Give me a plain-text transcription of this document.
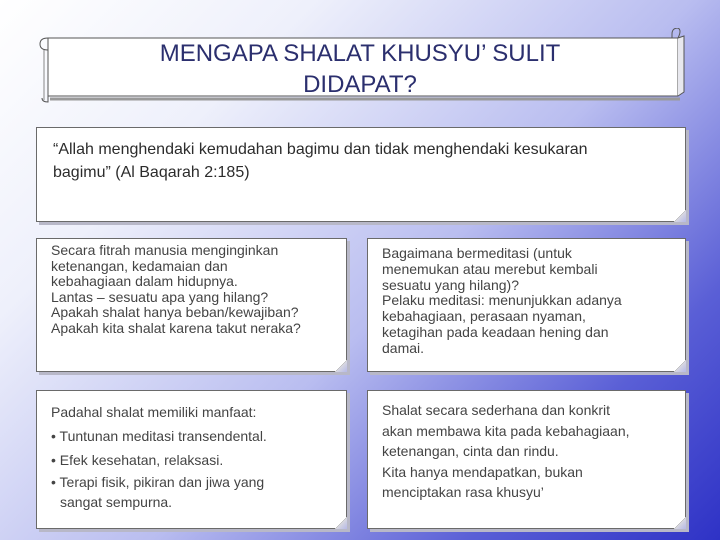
MENGAPA SHALAT KHUSYU’ SULIT
DIDAPAT?
“Allah menghendaki kemudahan bagimu dan tidak menghendaki kesukaran
bagimu” (Al Baqarah 2:185)
Secara fitrah manusia menginginkan
ketenangan, kedamaian dan
kebahagiaan dalam hidupnya.
Lantas – sesuatu apa yang hilang?
Apakah shalat hanya beban/kewajiban?
Apakah kita shalat karena takut neraka?
Bagaimana bermeditasi (untuk
menemukan atau merebut kembali
sesuatu yang hilang)?
Pelaku meditasi: menunjukkan adanya
kebahagiaan, perasaan nyaman,
ketagihan pada keadaan hening dan
damai.
Padahal shalat memiliki manfaat:
• Tuntunan meditasi transendental.
• Efek kesehatan, relaksasi.
• Terapi fisik, pikiran dan jiwa yang
sangat sempurna.
Shalat secara sederhana dan konkrit
akan membawa kita pada kebahagiaan,
ketenangan, cinta dan rindu.
Kita hanya mendapatkan, bukan
menciptakan rasa khusyu’
